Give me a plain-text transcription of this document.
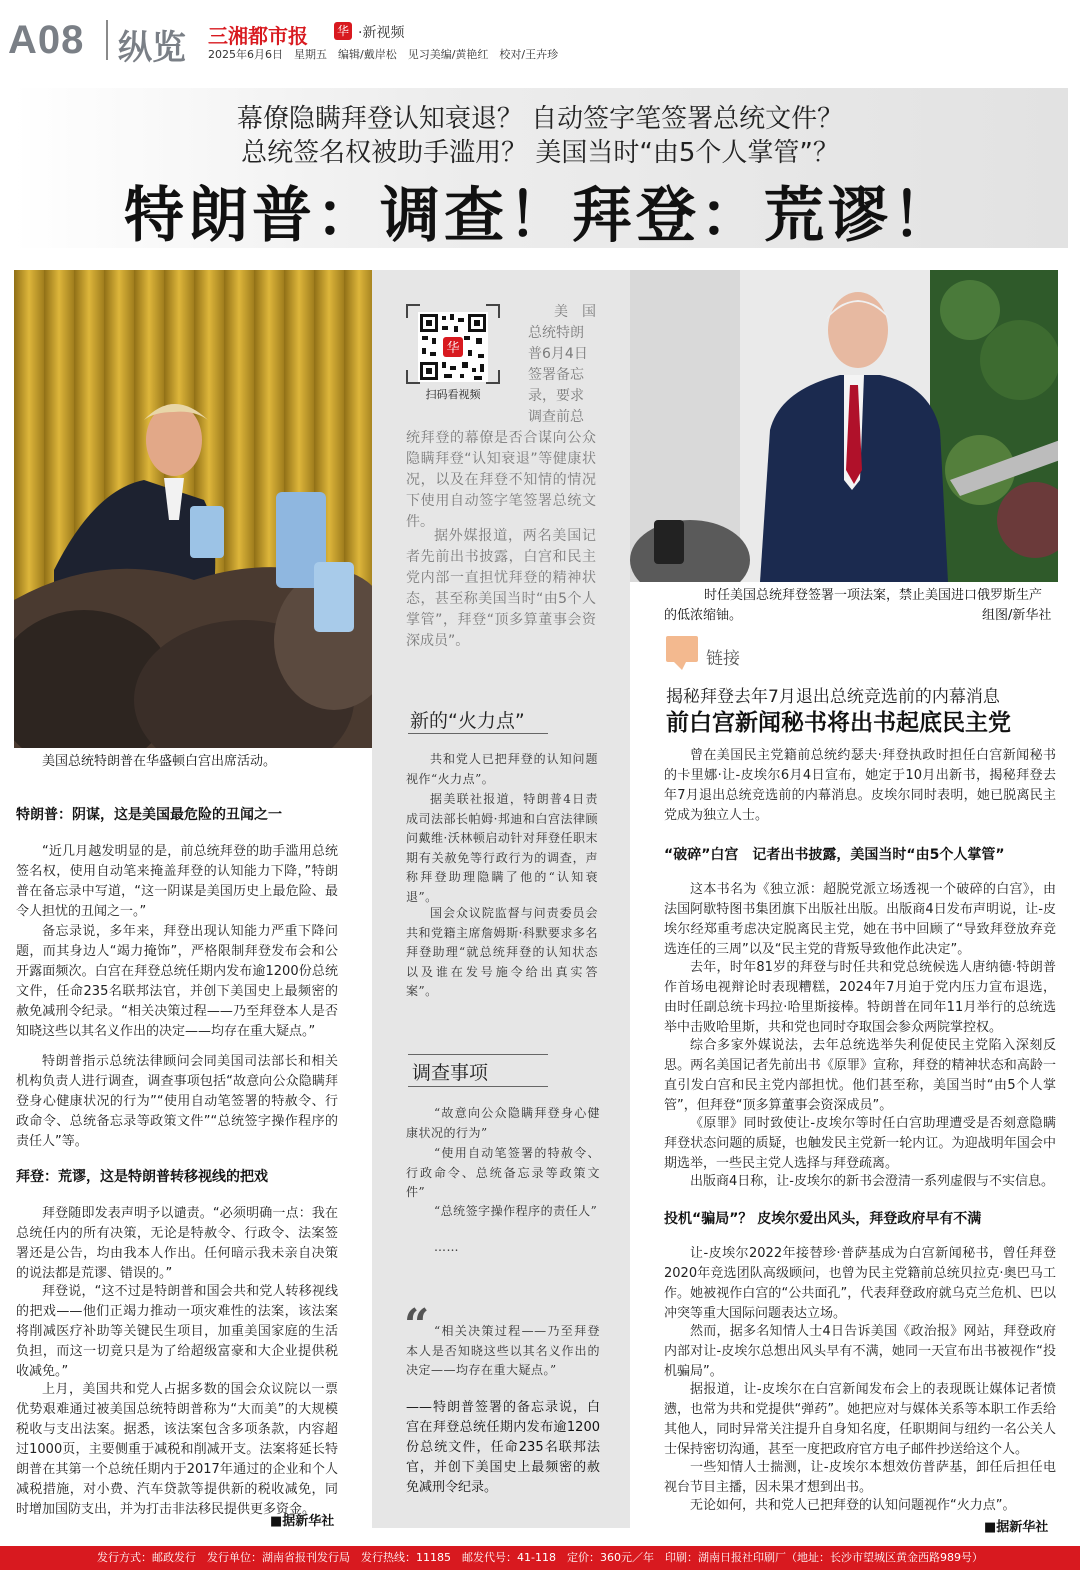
A08 纵览 三湘都市报 华 ·新视频
2025年6月6日　星期五　编辑/戴岸松　见习美编/黄艳红　校对/王卉珍
幕僚隐瞒拜登认知衰退？ 自动签字笔签署总统文件？
总统签名权被助手滥用？ 美国当时“由5个人掌管”？
特朗普：调查！拜登：荒谬！
美国总统特朗普在华盛顿白宫出席活动。
华
扫码看视频
美　国
总统特朗
普6月4日
签署备忘
录，要求
调查前总
统拜登的幕僚是否合谋向公众隐瞒拜登“认知衰退”等健康状况，以及在拜登不知情的情况下使用自动签字笔签署总统文件。
据外媒报道，两名美国记者先前出书披露，白宫和民主党内部一直担忧拜登的精神状态，甚至称美国当时“由5个人掌管”，拜登“顶多算董事会资深成员”。
新的“火力点”
共和党人已把拜登的认知问题视作“火力点”。
据美联社报道，特朗普4日责成司法部长帕姆·邦迪和白宫法律顾问戴维·沃林顿启动针对拜登任职末期有关赦免等行政行为的调查，声称拜登助理隐瞒了他的“认知衰退”。
国会众议院监督与问责委员会共和党籍主席詹姆斯·科默要求多名拜登助理“就总统拜登的认知状态以及谁在发号施令给出真实答案”。
调查事项
“故意向公众隐瞒拜登身心健康状况的行为”
“使用自动笔签署的特赦令、行政命令、总统备忘录等政策文件”
“总统签字操作程序的责任人”
……
“ “相关决策过程——乃至拜登本人是否知晓这些以其名义作出的决定——均存在重大疑点。”
——特朗普签署的备忘录说，白宫在拜登总统任期内发布逾1200份总统文件，任命235名联邦法官，并创下美国史上最频密的赦免减刑令纪录。
特朗普：阴谋，这是美国最危险的丑闻之一
“近几月越发明显的是，前总统拜登的助手滥用总统签名权，使用自动笔来掩盖拜登的认知能力下降，”特朗普在备忘录中写道，“这一阴谋是美国历史上最危险、最令人担忧的丑闻之一。”
备忘录说，多年来，拜登出现认知能力严重下降问题，而其身边人“竭力掩饰”，严格限制拜登发布会和公开露面频次。白宫在拜登总统任期内发布逾1200份总统文件，任命235名联邦法官，并创下美国史上最频密的赦免减刑令纪录。“相关决策过程——乃至拜登本人是否知晓这些以其名义作出的决定——均存在重大疑点。”
特朗普指示总统法律顾问会同美国司法部长和相关机构负责人进行调查，调查事项包括“故意向公众隐瞒拜登身心健康状况的行为”“使用自动笔签署的特赦令、行政命令、总统备忘录等政策文件”“总统签字操作程序的责任人”等。
拜登：荒谬，这是特朗普转移视线的把戏
拜登随即发表声明予以谴责。“必须明确一点：我在总统任内的所有决策，无论是特赦令、行政令、法案签署还是公告，均由我本人作出。任何暗示我未亲自决策的说法都是荒谬、错误的。”
拜登说，“这不过是特朗普和国会共和党人转移视线的把戏——他们正竭力推动一项灾难性的法案，该法案将削减医疗补助等关键民生项目，加重美国家庭的生活负担，而这一切竟只是为了给超级富豪和大企业提供税收减免。”
上月，美国共和党人占据多数的国会众议院以一票优势艰难通过被美国总统特朗普称为“大而美”的大规模税收与支出法案。据悉，该法案包含多项条款，内容超过1000页，主要侧重于减税和削减开支。法案将延长特朗普在其第一个总统任期内于2017年通过的企业和个人减税措施，对小费、汽车贷款等提供新的税收减免，同时增加国防支出，并为打击非法移民提供更多资金。
■据新华社
时任美国总统拜登签署一项法案，禁止美国进口俄罗斯生产
的低浓缩铀。	组图/新华社
链接
揭秘拜登去年7月退出总统竞选前的内幕消息
前白宫新闻秘书将出书起底民主党
曾在美国民主党籍前总统约瑟夫·拜登执政时担任白宫新闻秘书的卡里娜·让-皮埃尔6月4日宣布，她定于10月出新书，揭秘拜登去年7月退出总统竞选前的内幕消息。皮埃尔同时表明，她已脱离民主党成为独立人士。
“破碎”白宫　记者出书披露，美国当时“由5个人掌管”
这本书名为《独立派：超脱党派立场透视一个破碎的白宫》，由法国阿歇特图书集团旗下出版社出版。出版商4日发布声明说，让-皮埃尔经郑重考虑决定脱离民主党，她在书中回顾了“导致拜登放弃竞选连任的三周”以及“民主党的背叛导致他作此决定”。
去年，时年81岁的拜登与时任共和党总统候选人唐纳德·特朗普作首场电视辩论时表现糟糕，2024年7月迫于党内压力宣布退选，由时任副总统卡玛拉·哈里斯接棒。特朗普在同年11月举行的总统选举中击败哈里斯，共和党也同时夺取国会参众两院掌控权。
综合多家外媒说法，去年总统选举失利促使民主党陷入深刻反思。两名美国记者先前出书《原罪》宣称，拜登的精神状态和高龄一直引发白宫和民主党内部担忧。他们甚至称，美国当时“由5个人掌管”，但拜登“顶多算董事会资深成员”。
《原罪》同时致使让-皮埃尔等时任白宫助理遭受是否刻意隐瞒拜登状态问题的质疑，也触发民主党新一轮内讧。为迎战明年国会中期选举，一些民主党人选择与拜登疏离。
出版商4日称，让-皮埃尔的新书会澄清一系列虚假与不实信息。
投机“骗局”？ 皮埃尔爱出风头，拜登政府早有不满
让-皮埃尔2022年接替珍·普萨基成为白宫新闻秘书，曾任拜登2020年竞选团队高级顾问，也曾为民主党籍前总统贝拉克·奥巴马工作。她被视作白宫的“公共面孔”，代表拜登政府就乌克兰危机、巴以冲突等重大国际问题表达立场。
然而，据多名知情人士4日告诉美国《政治报》网站，拜登政府内部对让-皮埃尔总想出风头早有不满，她同一天宣布出书被视作“投机骗局”。
据报道，让-皮埃尔在白宫新闻发布会上的表现既让媒体记者愤懑，也常为共和党提供“弹药”。她把应对与媒体关系等本职工作丢给其他人，同时异常关注提升自身知名度，任职期间与纽约一名公关人士保持密切沟通，甚至一度把政府官方电子邮件抄送给这个人。
一些知情人士揣测，让-皮埃尔本想效仿普萨基，卸任后担任电视台节目主播，因未果才想到出书。
无论如何，共和党人已把拜登的认知问题视作“火力点”。
■据新华社
发行方式：邮政发行　发行单位：湖南省报刊发行局　发行热线：11185　邮发代号：41-118　定价：360元／年　印刷：湖南日报社印刷厂（地址：长沙市望城区黄金西路989号）
